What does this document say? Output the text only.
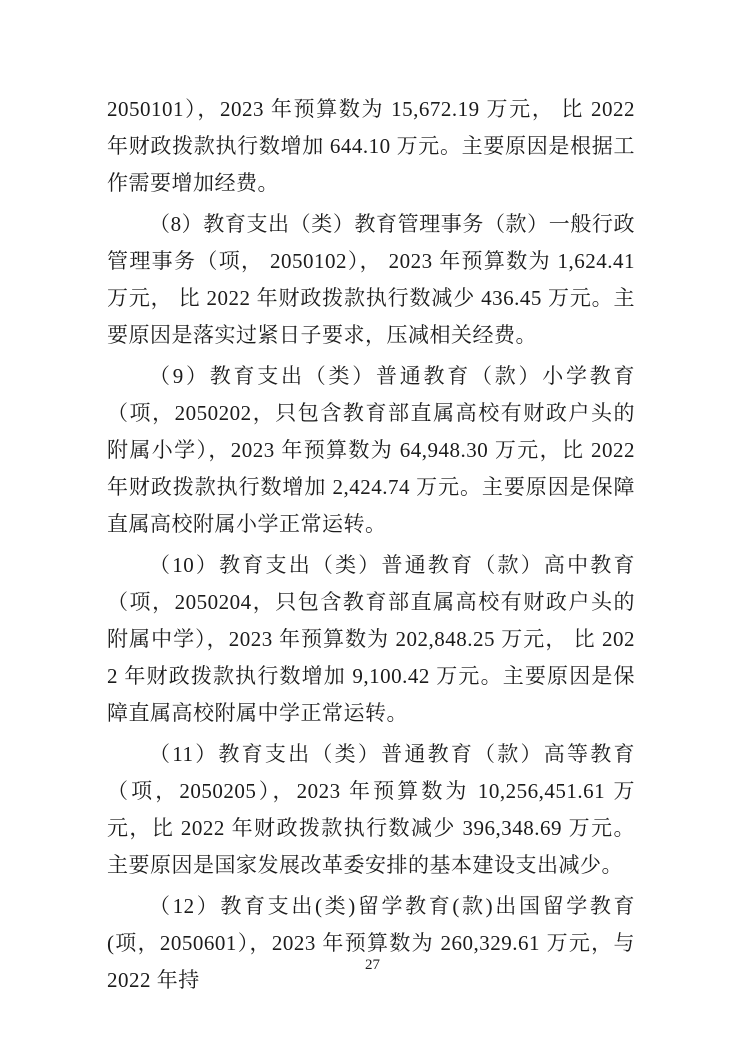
2050101），2023 年预算数为 15,672.19 万元， 比 2022 年财政拨款执行数增加 644.10 万元。主要原因是根据工作需要增加经费。

（8）教育支出（类）教育管理事务（款）一般行政管理事务（项， 2050102）， 2023 年预算数为 1,624.41 万元， 比 2022 年财政拨款执行数减少 436.45 万元。主要原因是落实过紧日子要求，压减相关经费。

（9）教育支出（类）普通教育（款）小学教育（项，2050202，只包含教育部直属高校有财政户头的附属小学），2023 年预算数为 64,948.30 万元，比 2022 年财政拨款执行数增加 2,424.74 万元。主要原因是保障直属高校附属小学正常运转。

（10）教育支出（类）普通教育（款）高中教育（项，2050204，只包含教育部直属高校有财政户头的附属中学），2023 年预算数为 202,848.25 万元， 比 2022 年财政拨款执行数增加 9,100.42 万元。主要原因是保障直属高校附属中学正常运转。

（11）教育支出（类）普通教育（款）高等教育（项，2050205），2023 年预算数为 10,256,451.61 万元，比 2022 年财政拨款执行数减少 396,348.69 万元。主要原因是国家发展改革委安排的基本建设支出减少。

（12）教育支出(类)留学教育(款)出国留学教育(项，2050601），2023 年预算数为 260,329.61 万元，与 2022 年持

27
